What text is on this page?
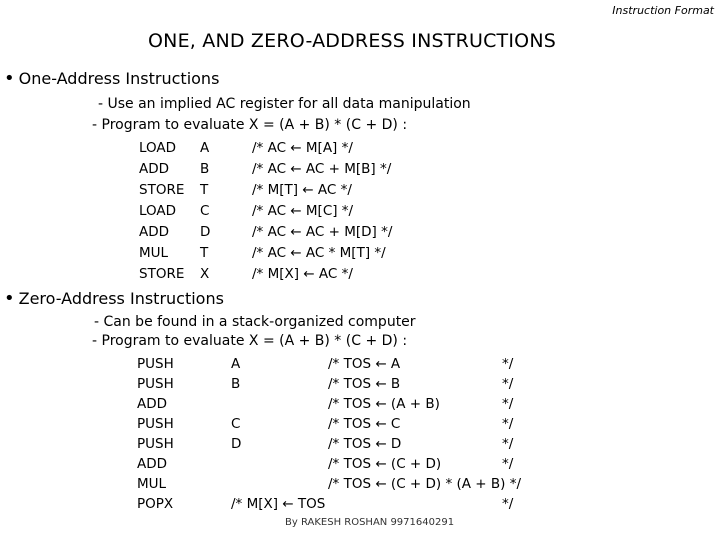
Instruction Format
ONE, AND ZERO-ADDRESS INSTRUCTIONS
• One-Address Instructions
- Use an implied AC register for all data manipulation
- Program to evaluate X = (A + B) * (C + D) :
LOAD A	/* AC ← M[A] */
ADD B	/* AC ← AC + M[B] */
STORE T	/* M[T] ← AC */
LOAD C	/* AC ← M[C] */
ADD D	/* AC ← AC + M[D] */
MUL T	/* AC ← AC * M[T] */
STORE X	/* M[X] ← AC */
• Zero-Address Instructions
- Can be found in a stack-organized computer
- Program to evaluate X = (A + B) * (C + D) :
PUSH	A	/* TOS ← A	*/
PUSH	B	/* TOS ← B	*/
ADD	/* TOS ← (A + B)	*/
PUSH	C	/* TOS ← C	*/
PUSH	D	/* TOS ← D	*/
ADD	/* TOS ← (C + D)	*/
MUL	/* TOS ← (C + D) * (A + B) */
POPX	/* M[X] ← TOS	*/
By RAKESH ROSHAN 9971640291
